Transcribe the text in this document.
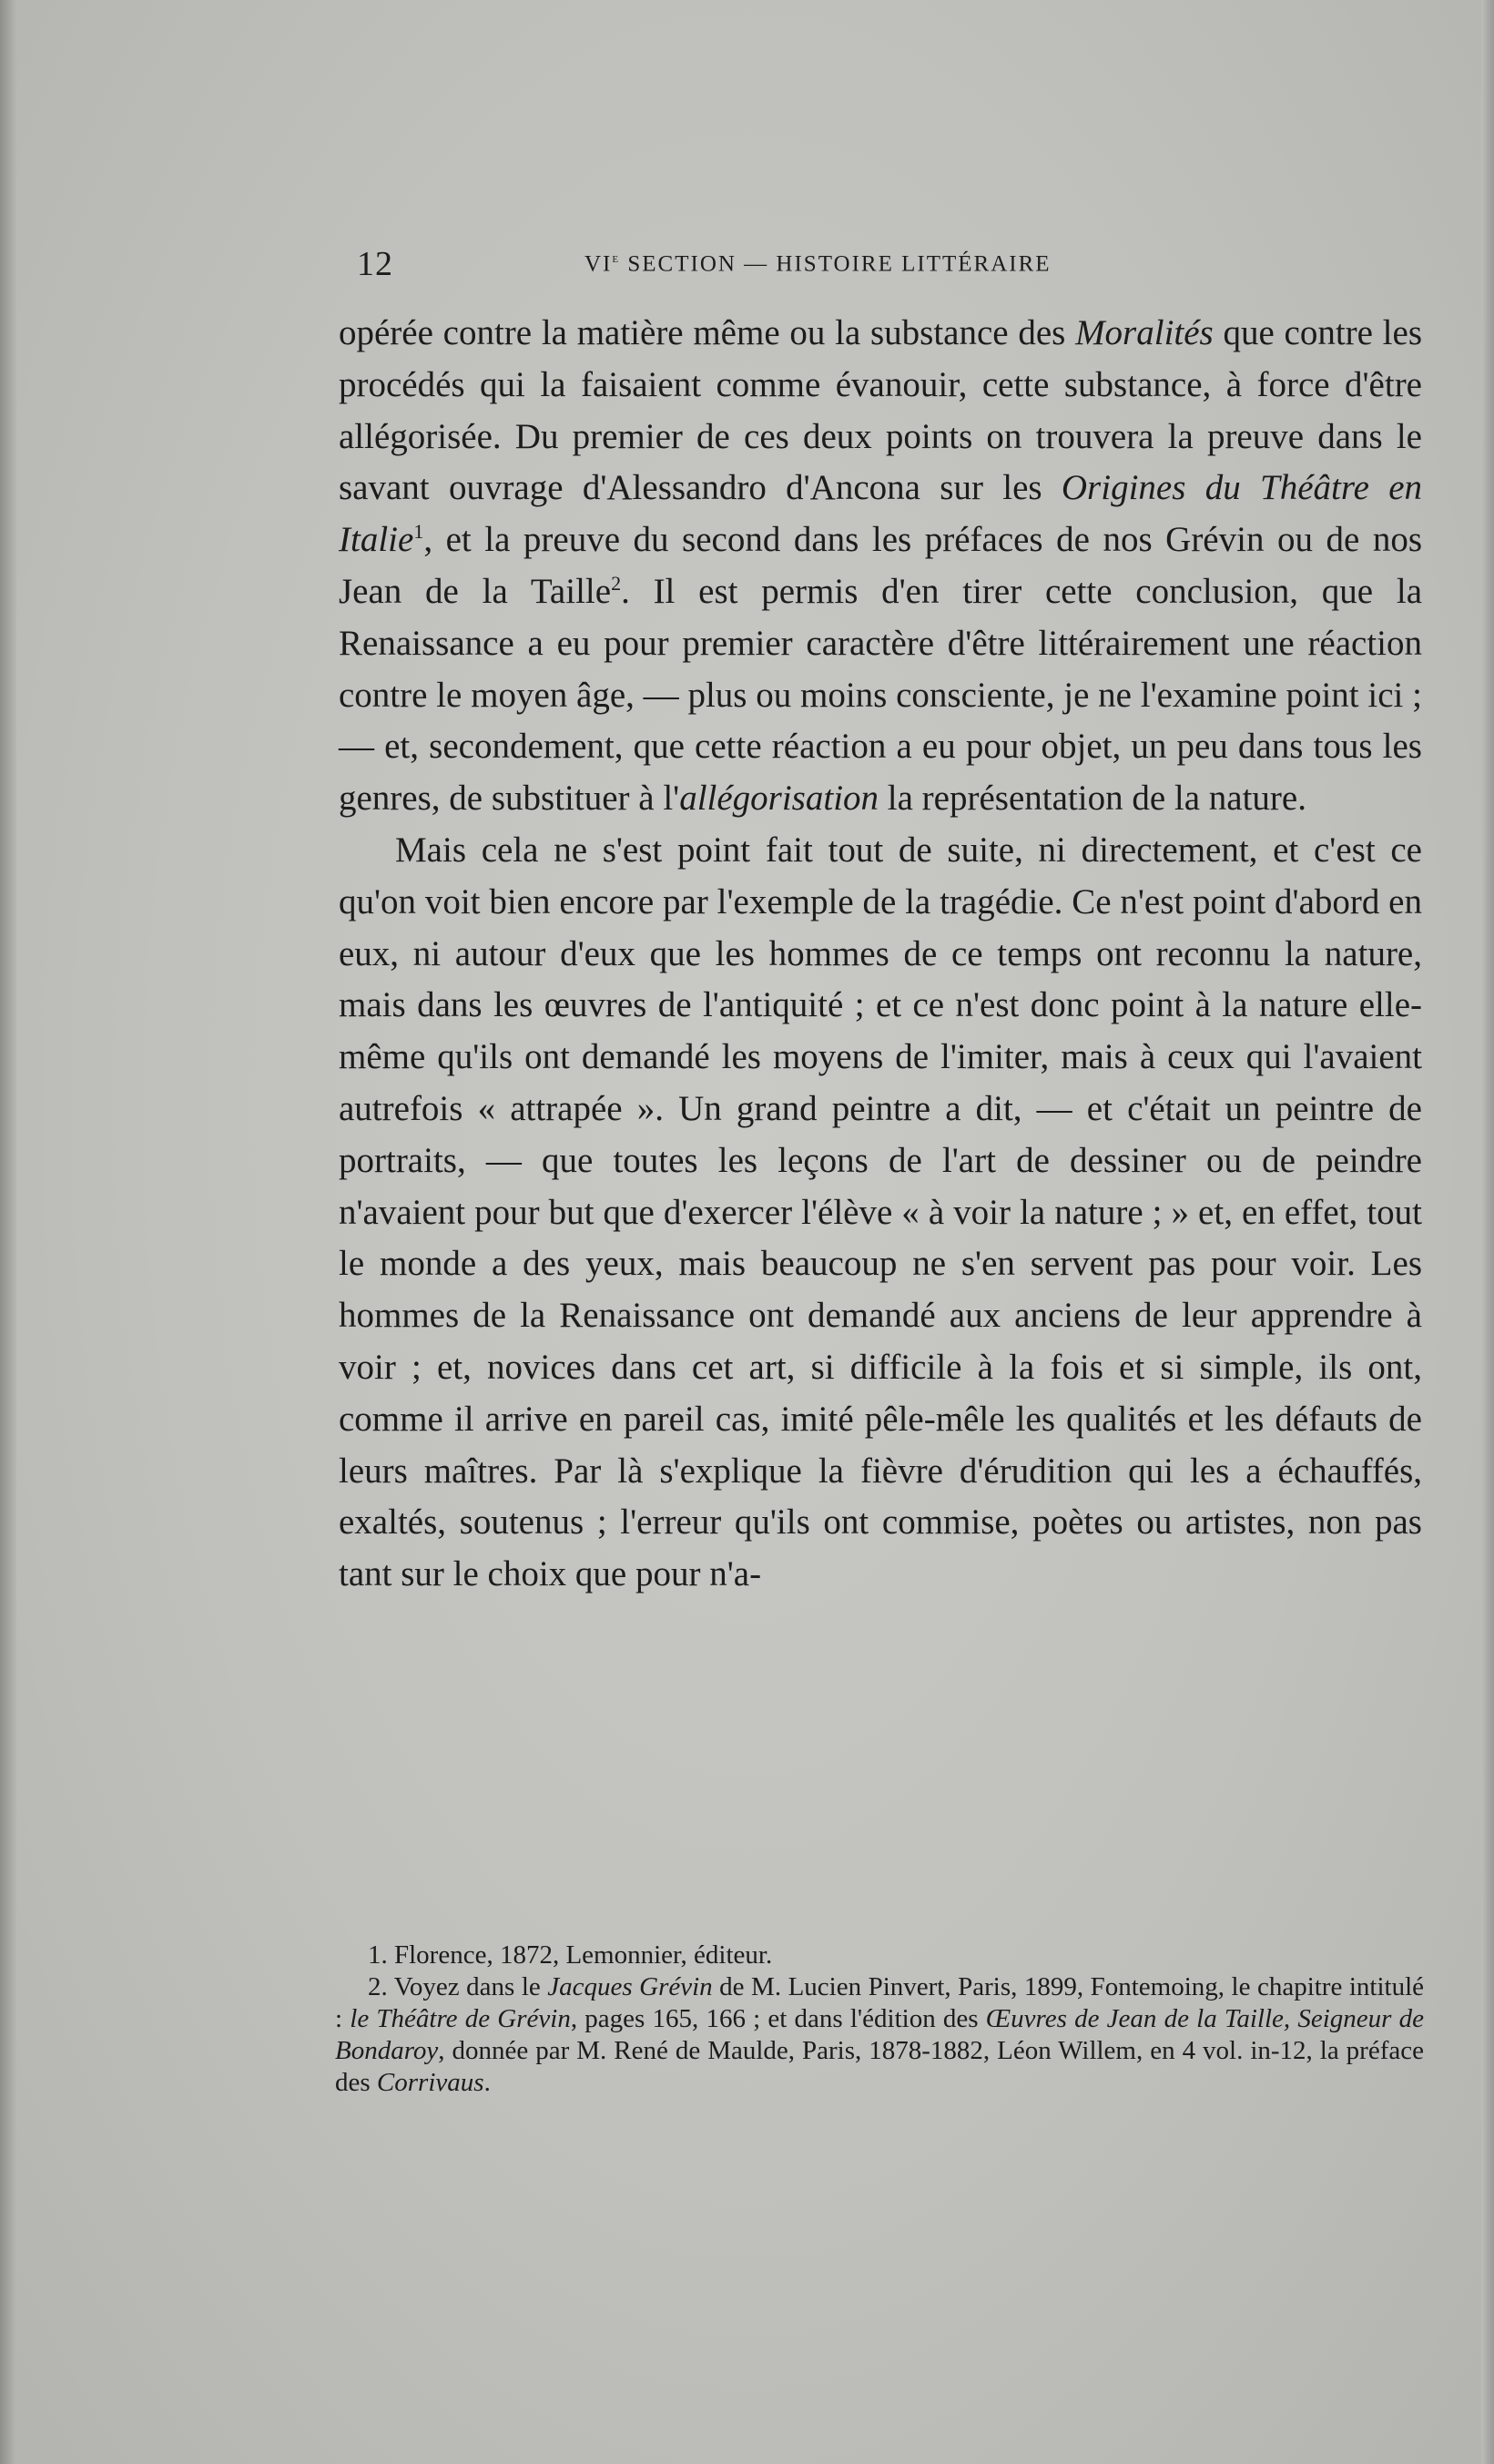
12	VIe SECTION — HISTOIRE LITTÉRAIRE

opérée contre la matière même ou la substance des Moralités que contre les procédés qui la faisaient comme évanouir, cette substance, à force d'être allégorisée. Du premier de ces deux points on trouvera la preuve dans le savant ouvrage d'Alessandro d'Ancona sur les Origines du Théâtre en Italie$^1$, et la preuve du second dans les préfaces de nos Grévin ou de nos Jean de la Taille$^2$. Il est permis d'en tirer cette conclusion, que la Renaissance a eu pour premier caractère d'être littérairement une réaction contre le moyen âge, — plus ou moins consciente, je ne l'examine point ici ; — et, secondement, que cette réaction a eu pour objet, un peu dans tous les genres, de substituer à l'allégorisation la représentation de la nature.

Mais cela ne s'est point fait tout de suite, ni directement, et c'est ce qu'on voit bien encore par l'exemple de la tragédie. Ce n'est point d'abord en eux, ni autour d'eux que les hommes de ce temps ont reconnu la nature, mais dans les œuvres de l'antiquité ; et ce n'est donc point à la nature elle-même qu'ils ont demandé les moyens de l'imiter, mais à ceux qui l'avaient autrefois « attrapée ». Un grand peintre a dit, — et c'était un peintre de portraits, — que toutes les leçons de l'art de dessiner ou de peindre n'avaient pour but que d'exercer l'élève « à voir la nature ; » et, en effet, tout le monde a des yeux, mais beaucoup ne s'en servent pas pour voir. Les hommes de la Renaissance ont demandé aux anciens de leur apprendre à voir ; et, novices dans cet art, si difficile à la fois et si simple, ils ont, comme il arrive en pareil cas, imité pêle-mêle les qualités et les défauts de leurs maîtres. Par là s'explique la fièvre d'érudition qui les a échauffés, exaltés, soutenus ; l'erreur qu'ils ont commise, poètes ou artistes, non pas tant sur le choix que pour n'a-

1. Florence, 1872, Lemonnier, éditeur.

2. Voyez dans le Jacques Grévin de M. Lucien Pinvert, Paris, 1899, Fontemoing, le chapitre intitulé : le Théâtre de Grévin, pages 165, 166 ; et dans l'édition des Œuvres de Jean de la Taille, Seigneur de Bondaroy, donnée par M. René de Maulde, Paris, 1878-1882, Léon Willem, en 4 vol. in-12, la préface des Corrivaus.
